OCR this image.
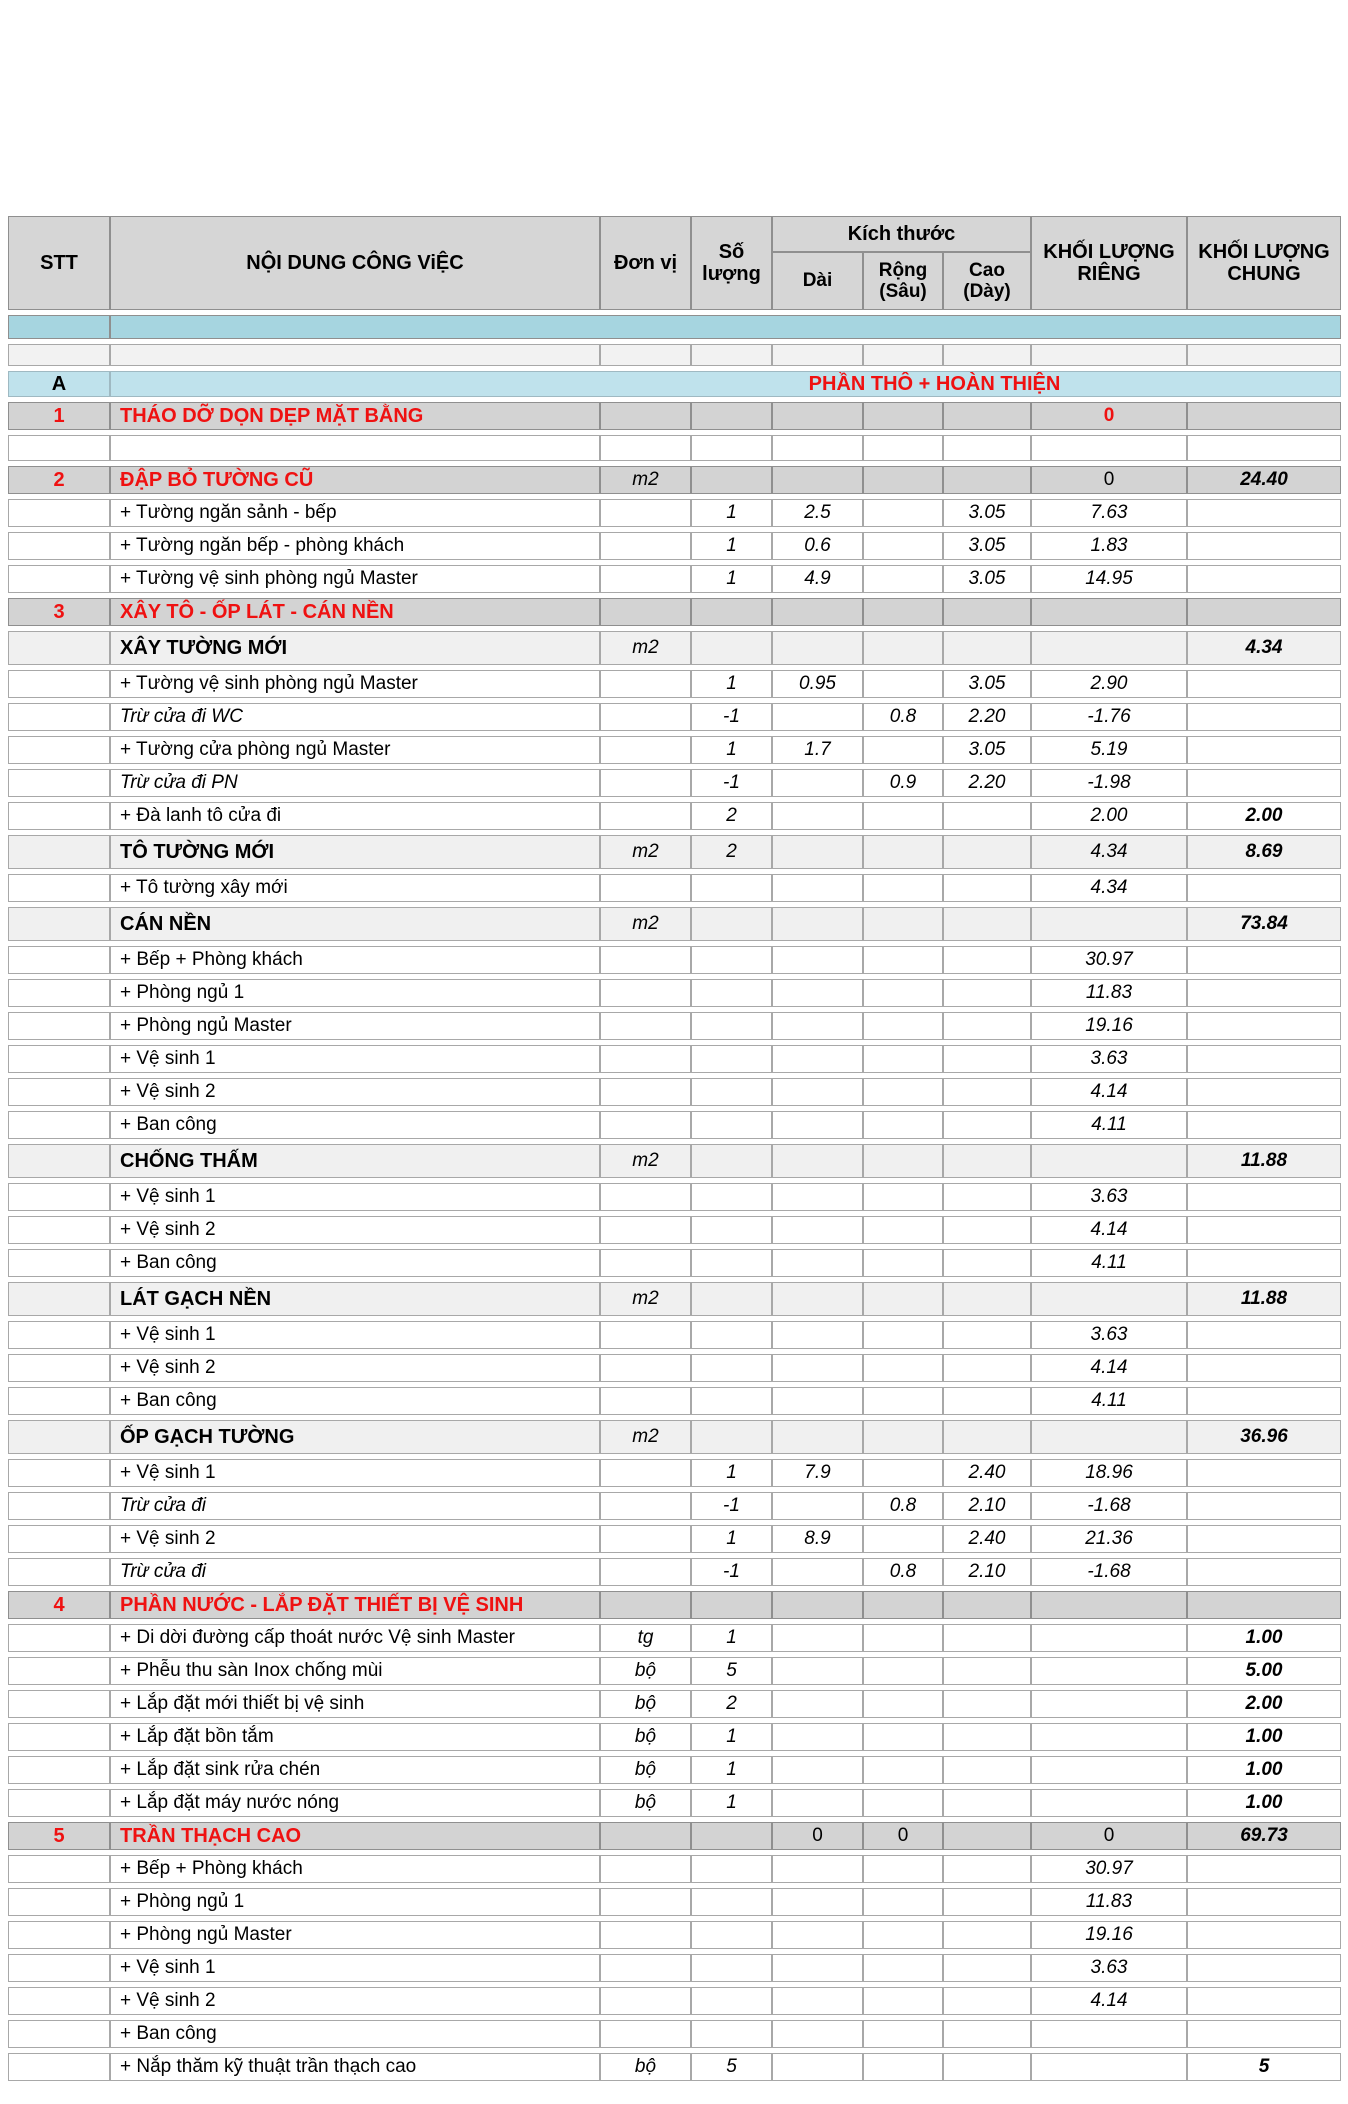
STT	NỘI DUNG CÔNG ViỆC	Đơn vị	Số lượng	Kích thước			KHỐI LƯỢNG RIÊNG	KHỐI LƯỢNG CHUNG
				Dài	Rộng (Sâu)	Cao (Dày)		

A	PHẦN THÔ + HOÀN THIỆN							
1	THÁO DỠ DỌN DẸP MẶT BẰNG						0	

2	ĐẬP BỎ TƯỜNG CŨ	m2					0	24.40
	+ Tường ngăn sảnh - bếp		1	2.5		3.05	7.63	
	+ Tường ngăn bếp - phòng khách		1	0.6		3.05	1.83	
	+ Tường vệ sinh phòng ngủ Master		1	4.9		3.05	14.95	
3	XÂY TÔ - ỐP LÁT - CÁN NỀN							
	XÂY TƯỜNG MỚI	m2						4.34
	+ Tường vệ sinh phòng ngủ Master		1	0.95		3.05	2.90	
	Trừ cửa đi WC		-1		0.8	2.20	-1.76	
	+ Tường cửa phòng ngủ Master		1	1.7		3.05	5.19	
	Trừ cửa đi PN		-1		0.9	2.20	-1.98	
	+ Đà lanh tô cửa đi		2				2.00	2.00
	TÔ TƯỜNG MỚI	m2	2				4.34	8.69
	+ Tô tường xây mới						4.34	
	CÁN NỀN	m2						73.84
	+ Bếp + Phòng khách						30.97	
	+ Phòng ngủ 1						11.83	
	+ Phòng ngủ Master						19.16	
	+ Vệ sinh 1						3.63	
	+ Vệ sinh 2						4.14	
	+ Ban công						4.11	
	CHỐNG THẤM	m2						11.88
	+ Vệ sinh 1						3.63	
	+ Vệ sinh 2						4.14	
	+ Ban công						4.11	
	LÁT GẠCH NỀN	m2						11.88
	+ Vệ sinh 1						3.63	
	+ Vệ sinh 2						4.14	
	+ Ban công						4.11	
	ỐP GẠCH TƯỜNG	m2						36.96
	+ Vệ sinh 1		1	7.9		2.40	18.96	
	Trừ cửa đi		-1		0.8	2.10	-1.68	
	+ Vệ sinh 2		1	8.9		2.40	21.36	
	Trừ cửa đi		-1		0.8	2.10	-1.68	
4	PHẦN NƯỚC - LẮP ĐẶT THIẾT BỊ VỆ SINH							
	+ Di dời đường cấp thoát nước Vệ sinh Master	tg	1					1.00
	+ Phễu thu sàn Inox chống mùi	bộ	5					5.00
	+ Lắp đặt mới thiết bị vệ sinh	bộ	2					2.00
	+ Lắp đặt bồn tắm	bộ	1					1.00
	+ Lắp đặt sink rửa chén	bộ	1					1.00
	+ Lắp đặt máy nước nóng	bộ	1					1.00
5	TRẦN THẠCH CAO			0	0		0	69.73
	+ Bếp + Phòng khách						30.97	
	+ Phòng ngủ 1						11.83	
	+ Phòng ngủ Master						19.16	
	+ Vệ sinh 1						3.63	
	+ Vệ sinh 2						4.14	
	+ Ban công							
	+ Nắp thăm kỹ thuật trần thạch cao	bộ	5					5
